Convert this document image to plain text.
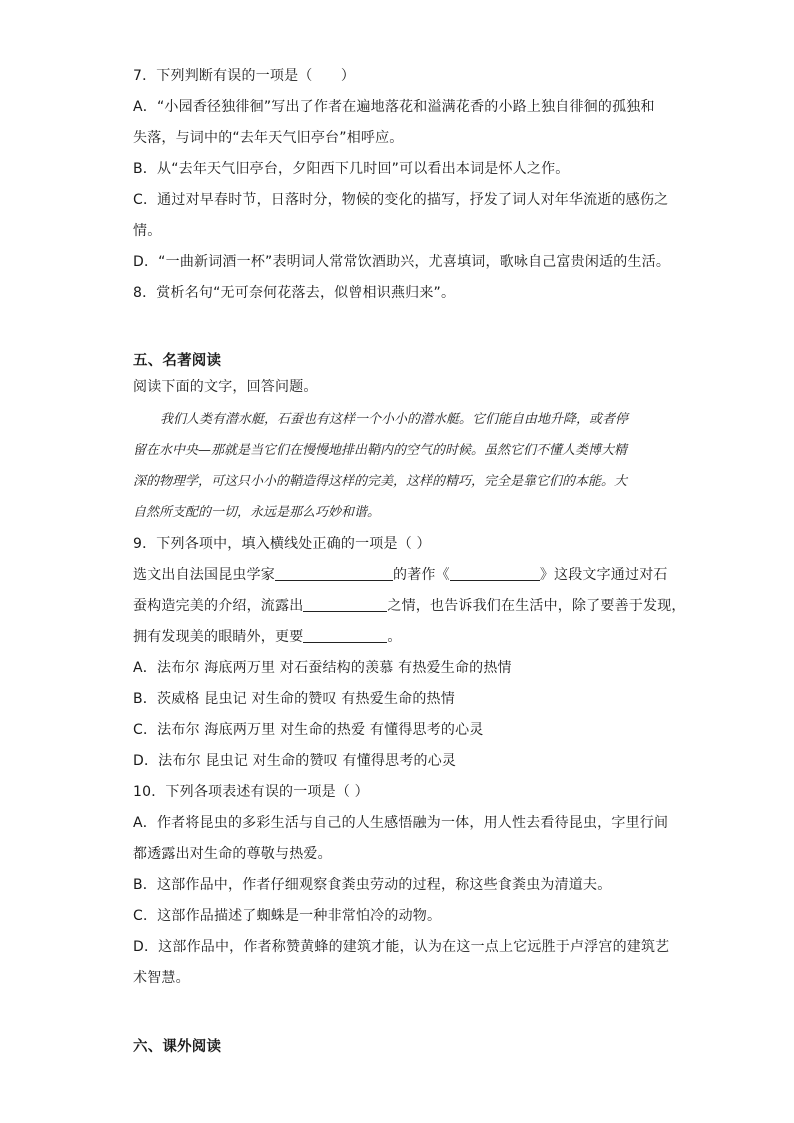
7．下列判断有误的一项是（　　）
A．“小园香径独徘徊”写出了作者在遍地落花和溢满花香的小路上独自徘徊的孤独和
失落，与词中的“去年天气旧亭台”相呼应。
B．从“去年天气旧亭台，夕阳西下几时回”可以看出本词是怀人之作。
C．通过对早春时节，日落时分，物候的变化的描写，抒发了词人对年华流逝的感伤之
情。
D．“一曲新词酒一杯”表明词人常常饮酒助兴，尤喜填词，歌咏自己富贵闲适的生活。
8．赏析名句“无可奈何花落去，似曾相识燕归来”。
五、名著阅读
阅读下面的文字，回答问题。
我们人类有潜水艇，石蚕也有这样一个小小的潜水艇。它们能自由地升降，或者停
留在水中央—那就是当它们在慢慢地排出鞘内的空气的时候。虽然它们不懂人类博大精
深的物理学，可这只小小的鞘造得这样的完美，这样的精巧，完全是靠它们的本能。大
自然所支配的一切，永远是那么巧妙和谐。
9．下列各项中，填入横线处正确的一项是（ ）
选文出自法国昆虫学家	的著作《	》这段文字通过对石
蚕构造完美的介绍，流露出	之情，也告诉我们在生活中，除了要善于发现，
拥有发现美的眼睛外，更要	。
A．法布尔 海底两万里 对石蚕结构的羡慕 有热爱生命的热情
B．茨威格 昆虫记 对生命的赞叹 有热爱生命的热情
C．法布尔 海底两万里 对生命的热爱 有懂得思考的心灵
D．法布尔 昆虫记 对生命的赞叹 有懂得思考的心灵
10．下列各项表述有误的一项是（ ）
A．作者将昆虫的多彩生活与自己的人生感悟融为一体，用人性去看待昆虫，字里行间
都透露出对生命的尊敬与热爱。
B．这部作品中，作者仔细观察食粪虫劳动的过程，称这些食粪虫为清道夫。
C．这部作品描述了蜘蛛是一种非常怕冷的动物。
D．这部作品中，作者称赞黄蜂的建筑才能，认为在这一点上它远胜于卢浮宫的建筑艺
术智慧。
六、课外阅读
